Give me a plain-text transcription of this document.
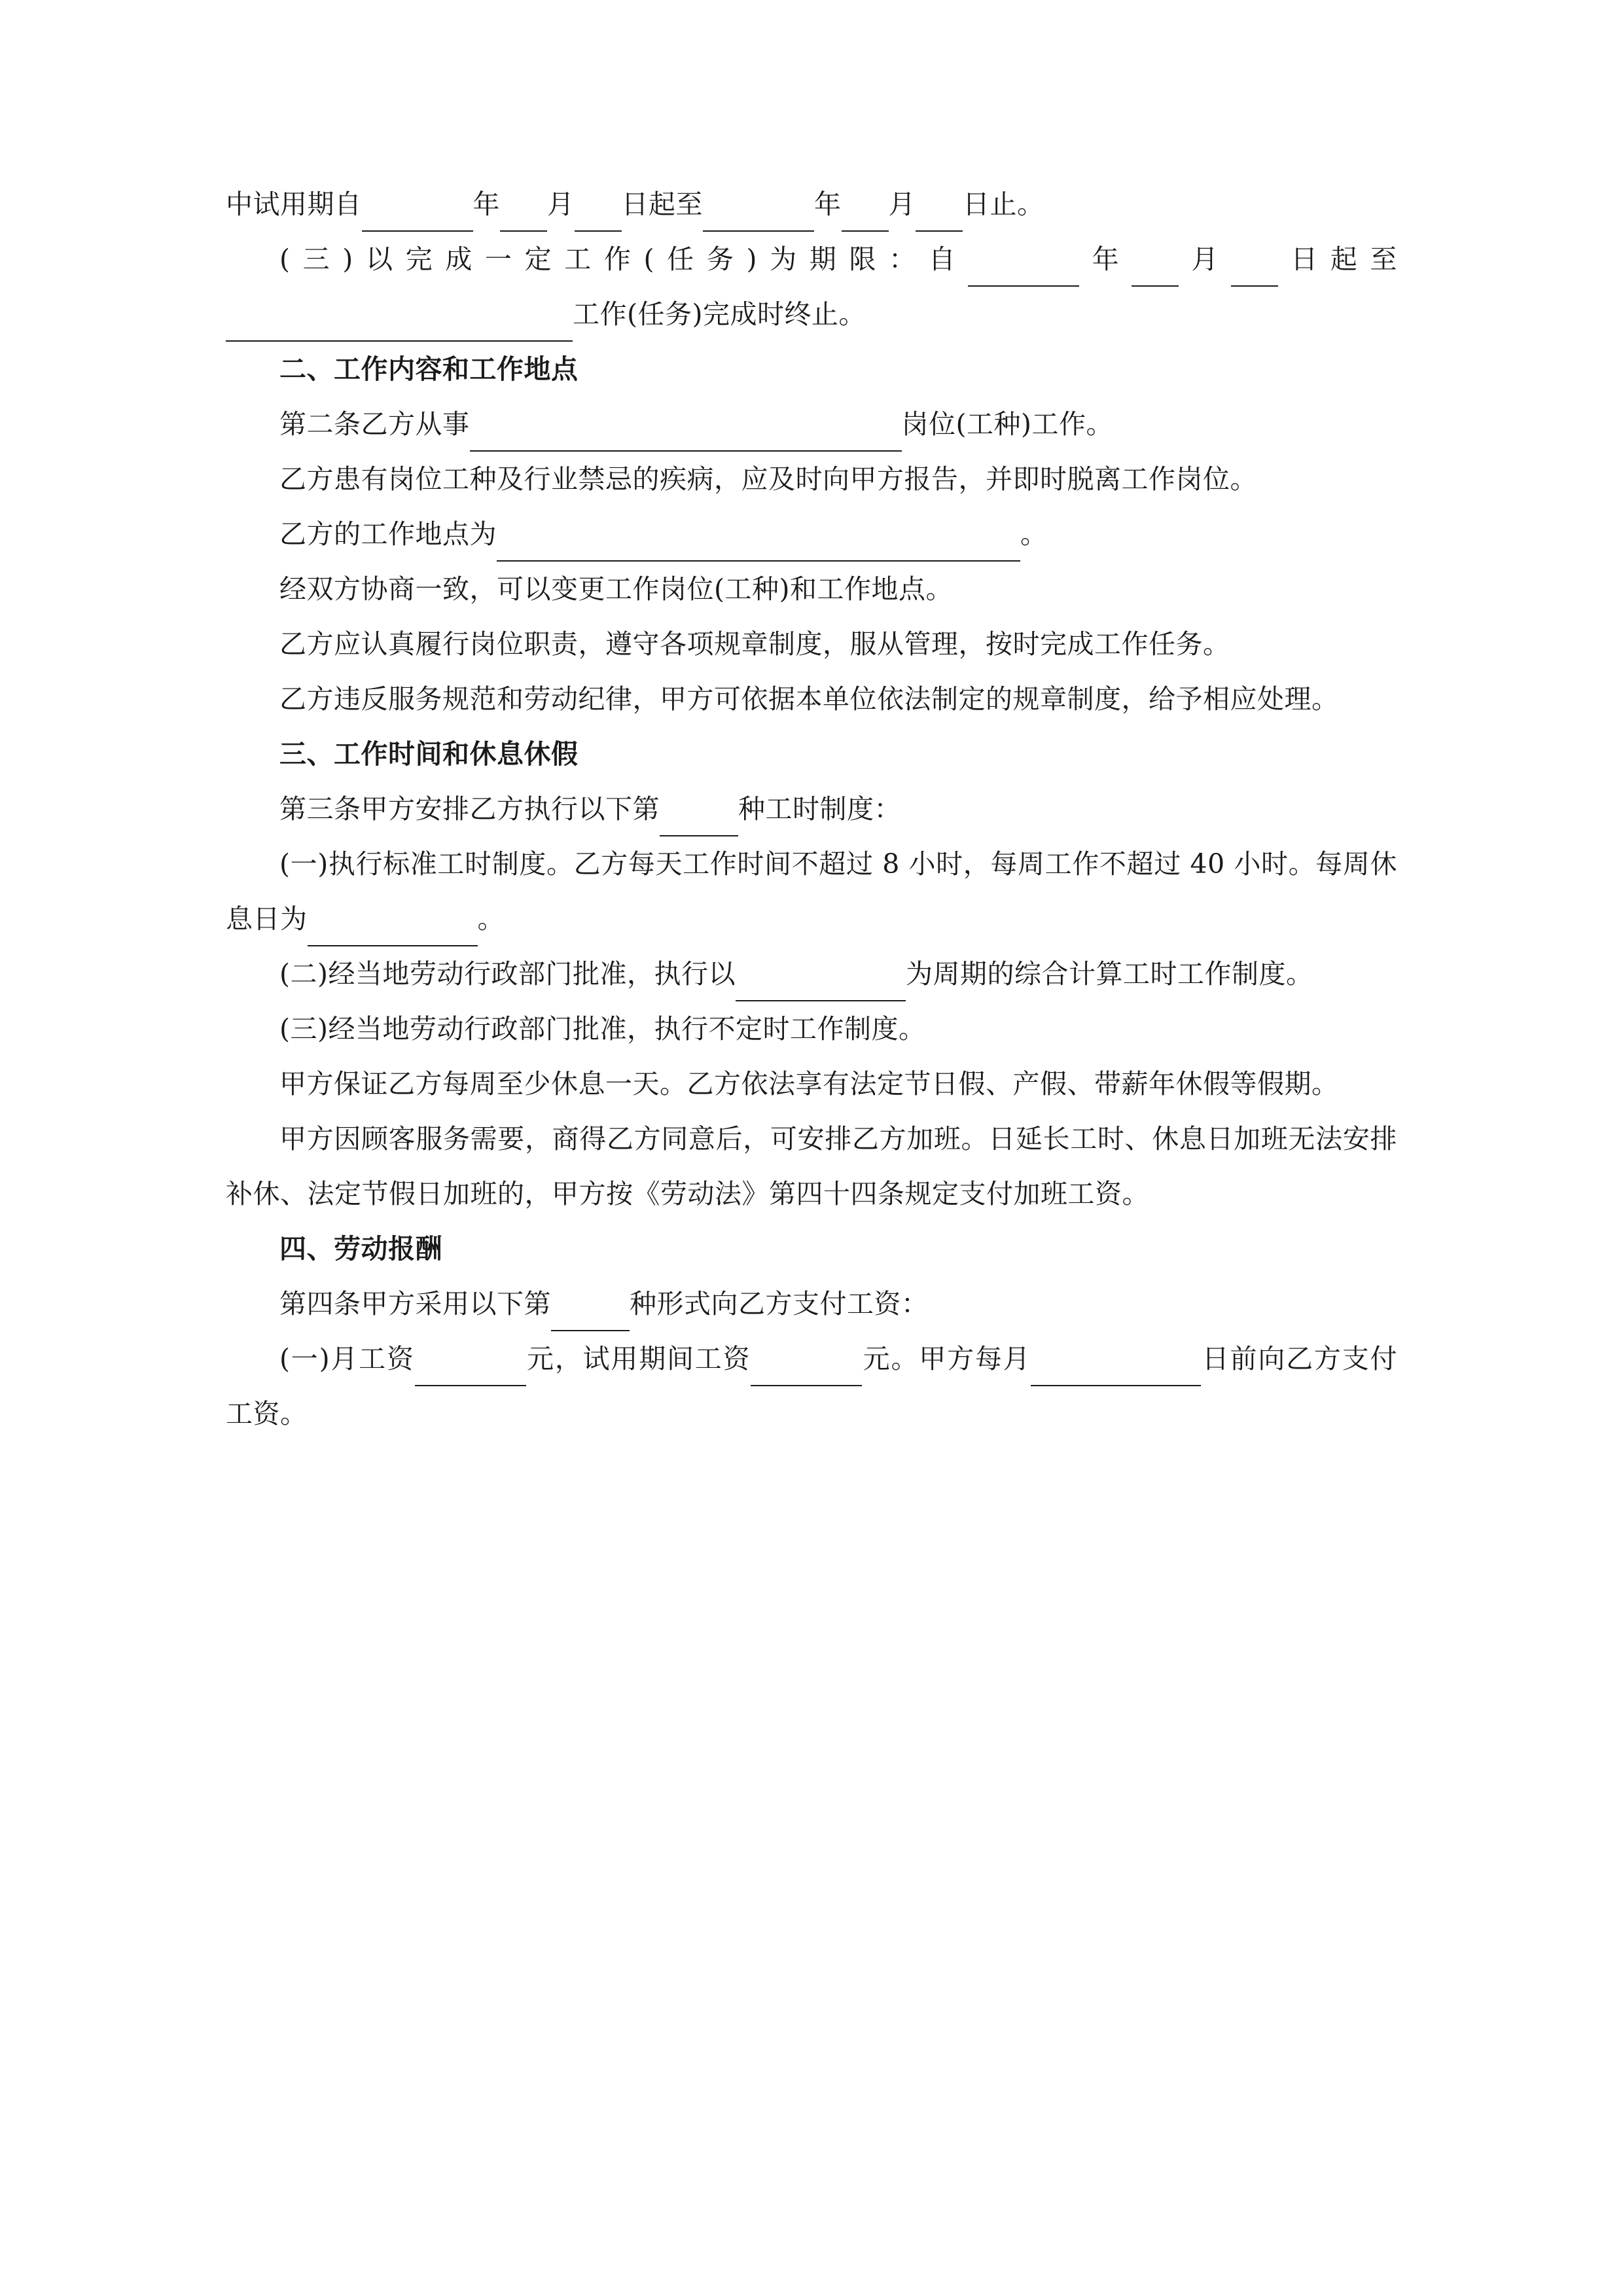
中试用期自	年 月 日起至	年 月 日止。

(三)以完成一定工作(任务)为期限：自	年 月 日起至工作(任务)完成时终止。

二、工作内容和工作地点

第二条乙方从事	岗位(工种)工作。

乙方患有岗位工种及行业禁忌的疾病，应及时向甲方报告，并即时脱离工作岗位。

乙方的工作地点为	。

经双方协商一致，可以变更工作岗位(工种)和工作地点。

乙方应认真履行岗位职责，遵守各项规章制度，服从管理，按时完成工作任务。

乙方违反服务规范和劳动纪律，甲方可依据本单位依法制定的规章制度，给予相应处理。

三、工作时间和休息休假

第三条甲方安排乙方执行以下第	种工时制度：

(一)执行标准工时制度。乙方每天工作时间不超过 8 小时，每周工作不超过 40 小时。每周休息日为	。

(二)经当地劳动行政部门批准，执行以	为周期的综合计算工时工作制度。

(三)经当地劳动行政部门批准，执行不定时工作制度。

甲方保证乙方每周至少休息一天。乙方依法享有法定节日假、产假、带薪年休假等假期。

甲方因顾客服务需要，商得乙方同意后，可安排乙方加班。日延长工时、休息日加班无法安排补休、法定节假日加班的，甲方按《劳动法》第四十四条规定支付加班工资。

四、劳动报酬

第四条甲方采用以下第	种形式向乙方支付工资：

(一)月工资	元，试用期间工资	元。甲方每月	日前向乙方支付工资。
